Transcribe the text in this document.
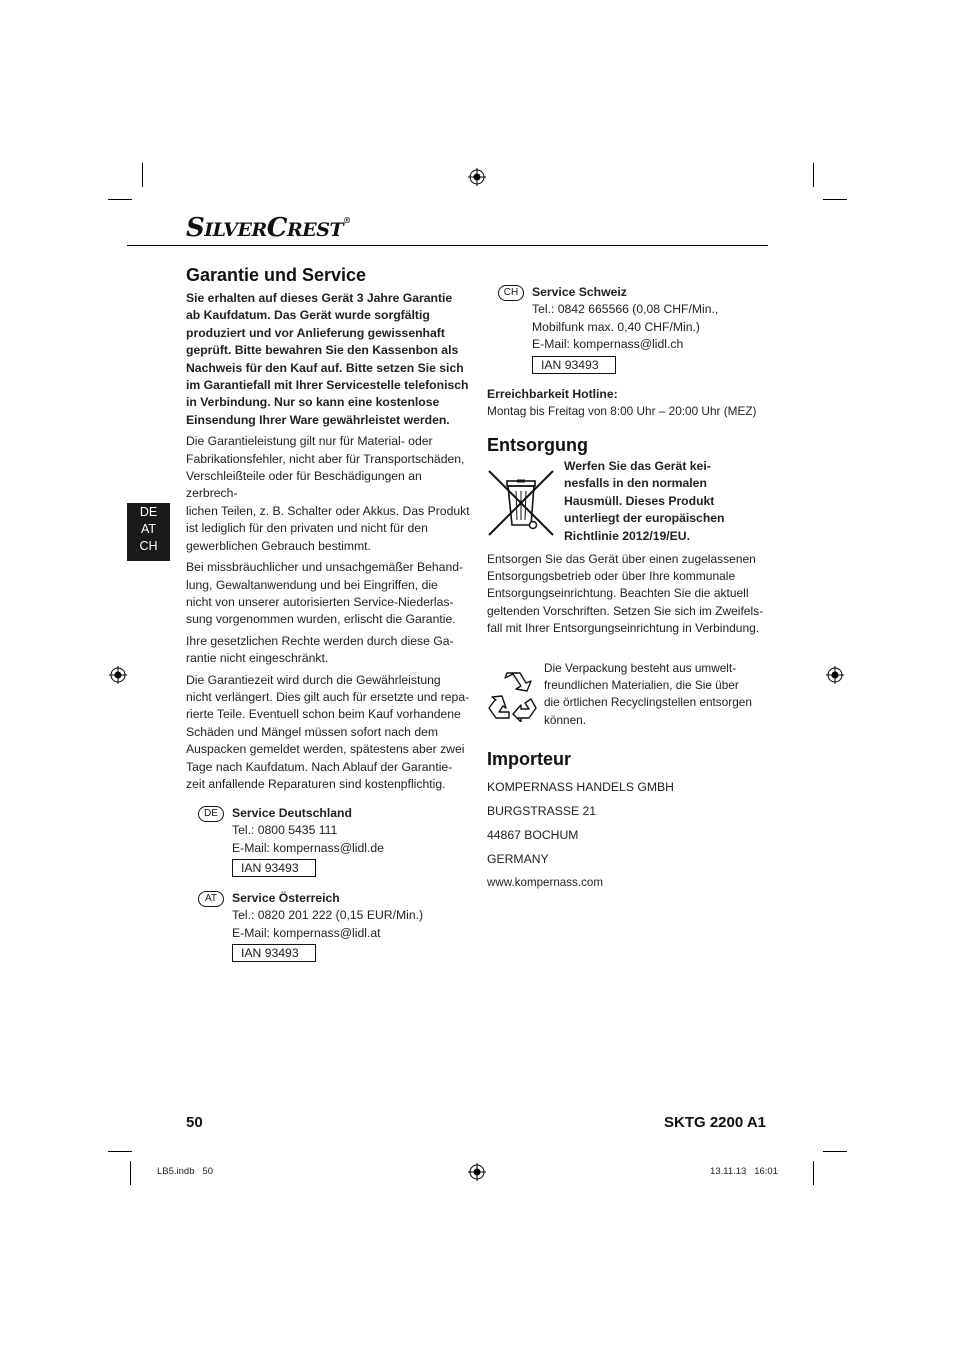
SILVERCREST®
DE
AT
CH
Garantie und Service
Sie erhalten auf dieses Gerät 3 Jahre Garantie
ab Kaufdatum. Das Gerät wurde sorgfältig
produziert und vor Anlieferung gewissenhaft
geprüft. Bitte bewahren Sie den Kassenbon als
Nachweis für den Kauf auf. Bitte setzen Sie sich
im Garantiefall mit Ihrer Servicestelle telefonisch
in Verbindung. Nur so kann eine kostenlose
Einsendung Ihrer Ware gewährleistet werden.
Die Garantieleistung gilt nur für Material- oder
Fabrikationsfehler, nicht aber für Transportschäden,
Verschleißteile oder für Beschädigungen an zerbrech-
lichen Teilen, z. B. Schalter oder Akkus. Das Produkt
ist lediglich für den privaten und nicht für den
gewerblichen Gebrauch bestimmt.
Bei missbräuchlicher und unsachgemäßer Behand-
lung, Gewaltanwendung und bei Eingriffen, die
nicht von unserer autorisierten Service-Niederlas-
sung vorgenommen wurden, erlischt die Garantie.
Ihre gesetzlichen Rechte werden durch diese Ga-
rantie nicht eingeschränkt.
Die Garantiezeit wird durch die Gewährleistung
nicht verlängert. Dies gilt auch für ersetzte und repa-
rierte Teile. Eventuell schon beim Kauf vorhandene
Schäden und Mängel müssen sofort nach dem
Auspacken gemeldet werden, spätestens aber zwei
Tage nach Kaufdatum. Nach Ablauf der Garantie-
zeit anfallende Reparaturen sind kostenpflichtig.
DE	Service Deutschland
Tel.: 0800 5435 111
E-Mail: kompernass@lidl.de
IAN 93493
AT	Service Österreich
Tel.: 0820 201 222 (0,15 EUR/Min.)
E-Mail: kompernass@lidl.at
IAN 93493
CH	Service Schweiz
Tel.: 0842 665566 (0,08 CHF/Min.,
Mobilfunk max. 0,40 CHF/Min.)
E-Mail: kompernass@lidl.ch
IAN 93493
Erreichbarkeit Hotline:
Montag bis Freitag von 8:00 Uhr – 20:00 Uhr (MEZ)
Entsorgung
Werfen Sie das Gerät kei-
nesfalls in den normalen
Hausmüll. Dieses Produkt
unterliegt der europäischen
Richtlinie 2012/19/EU.
Entsorgen Sie das Gerät über einen zugelassenen
Entsorgungsbetrieb oder über Ihre kommunale
Entsorgungseinrichtung. Beachten Sie die aktuell
geltenden Vorschriften. Setzen Sie sich im Zweifels-
fall mit Ihrer Entsorgungseinrichtung in Verbindung.
Die Verpackung besteht aus umwelt-
freundlichen Materialien, die Sie über
die örtlichen Recyclingstellen entsorgen
können.
Importeur
KOMPERNASS HANDELS GMBH
BURGSTRASSE 21
44867 BOCHUM
GERMANY
www.kompernass.com
50	SKTG 2200 A1
LB5.indb   50	13.11.13   16:01
